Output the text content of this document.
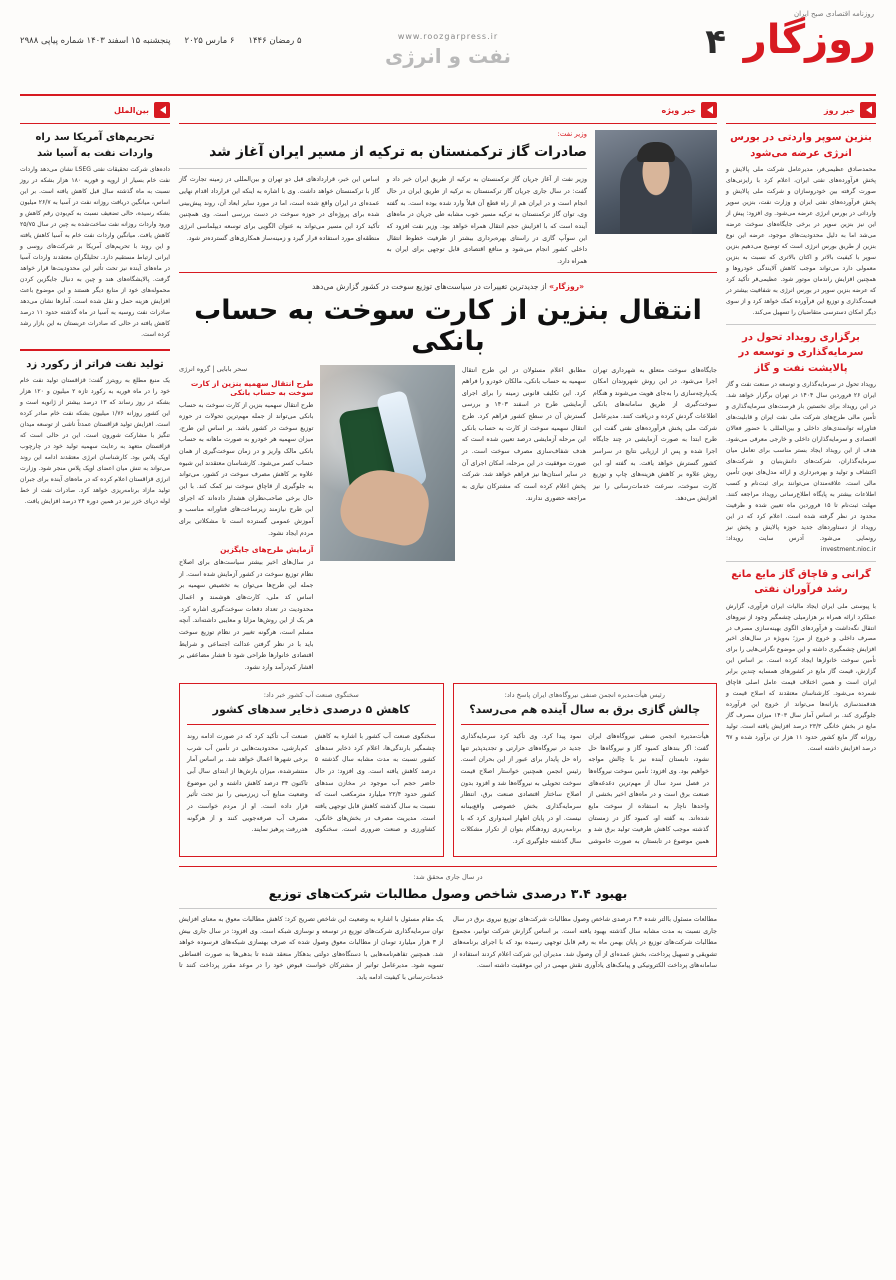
روزنامه اقتصادی صبح ایران
روزگار
۴
www.roozgarpress.ir
نفت و انرژی
۵ رمضان ۱۴۴۶
۶ مارس ۲۰۲۵
پنجشنبه ۱۵ اسفند ۱۴۰۳ شماره پیاپی ۲۹۸۸
خبر روز
بنزین سوپر واردتی در بورس انرژی عرضه می‌شود
محمدصادق عظیمی‌فر، مدیرعامل شرکت ملی پالایش و پخش فرآورده‌های نفتی ایران، اعلام کرد با رایزنی‌های صورت گرفته بین خودروسازان و شرکت ملی پالایش و پخش فرآورده‌های نفتی ایران و وزارت نفت، بنزین سوپر وارداتی در بورس انرژی عرضه می‌شود. وی افزود: پیش از این نیز بنزین سوپر در برخی جایگاه‌های سوخت عرضه می‌شد اما به دلیل محدودیت‌های موجود، عرضه این نوع بنزین از طریق بورس انرژی است که توضیح می‌دهیم بنزین سوپر با کیفیت بالاتر و اکتان بالاتری که نسبت به بنزین معمولی دارد می‌تواند موجب کاهش آلایندگی خودروها و همچنین افزایش راندمان موتور شود. عظیمی‌فر تأکید کرد که عرضه بنزین سوپر در بورس انرژی به شفافیت بیشتر در قیمت‌گذاری و توزیع این فرآورده کمک خواهد کرد و از سوی دیگر امکان دسترسی متقاضیان را تسهیل می‌کند.
برگزاری رویداد تحول در سرمایه‌گذاری و توسعه در پالایشت نفت و گاز
رویداد تحول در سرمایه‌گذاری و توسعه در صنعت نفت و گاز ایران ۲۶ فروردین سال ۱۴۰۴ در تهران برگزار خواهد شد. در این رویداد برای نخستین بار فرصت‌های سرمایه‌گذاری و تأمین مالی طرح‌های شرکت ملی نفت ایران و قابلیت‌های فناورانه توانمندی‌های داخلی و بین‌المللی با حضور فعالان اقتصادی و سرمایه‌گذاران داخلی و خارجی معرفی می‌شود. هدف از این رویداد ایجاد بستر مناسب برای تعامل میان سرمایه‌گذاران، شرکت‌های دانش‌بنیان و شرکت‌های اکتشاف و تولید و بهره‌برداری و ارائه مدل‌های نوین تأمین مالی است. علاقه‌مندان می‌توانند برای ثبت‌نام و کسب اطلاعات بیشتر به پایگاه اطلاع‌رسانی رویداد مراجعه کنند. مهلت ثبت‌نام تا ۱۵ فروردین ماه تعیین شده و ظرفیت محدود در نظر گرفته شده است. اعلام کرد که در این رویداد از دستاوردهای جدید حوزه پالایش و پخش نیز رونمایی می‌شود. آدرس سایت رویداد: investment.nioc.ir
گرانی و قاچاق گاز مایع مانع رشد فرآوران نفتی
با پیوستی ملی ایران ایجاد مالیات ایران فرآوری، گزارش عملکرد ارائه همراه بر هزارمیلی چشمگیر وجود از نیروهای انتقال نگه‌داشت و فرآوردهای الگوی بهینه‌سازی مصرف در مصرف داخلی و خروج از مرز؛ به‌ویژه در سال‌های اخیر افزایش چشمگیری داشته و این موضوع نگرانی‌هایی را برای تأمین سوخت خانوارها ایجاد کرده است. بر اساس این گزارش، قیمت گاز مایع در کشورهای همسایه چندین برابر ایران است و همین اختلاف قیمت عامل اصلی قاچاق شمرده می‌شود. کارشناسان معتقدند که اصلاح قیمت و هدفمندسازی یارانه‌ها می‌تواند از خروج این فرآورده جلوگیری کند. بر اساس آمار سال ۱۴۰۳ میزان مصرف گاز مایع در بخش خانگی ۲۳/۳ درصد افزایش یافته است. تولید روزانه گاز مایع کشور حدود ۱۱ هزار تن برآورد شده و ۹۷ درصد افزایش داشته است.
خبر ویژه
وزیر نفت:
صادرات گاز ترکمنستان به ترکیه از مسیر ایران آغاز شد
وزیر نفت از آغاز جریان گاز ترکمنستان به ترکیه از طریق ایران خبر داد و گفت: در سال جاری جریان گاز ترکمنستان به ترکیه از طریق ایران در حال انجام است و در ایران هم از راه قطع آن قبلاً وارد شده بوده است. به گفته وی، توان گاز ترکمنستان به ترکیه مسیر خوب مشابه طی جریان در ماه‌های آینده است که با افزایش حجم انتقال همراه خواهد بود. وزیر نفت افزود که این سوآپ گازی در راستای بهره‌برداری بیشتر از ظرفیت خطوط انتقال داخلی کشور انجام می‌شود و منافع اقتصادی قابل توجهی برای ایران به همراه دارد.
اساس این خبر، قراردادهای قبل دو تهران و بین‌المللی در زمینه تجارت گاز گاز با ترکمنستان خواهد داشت. وی با اشاره به اینکه این قرارداد اقدام نهایی عمده‌ای در ایران واقع شده است، اما در مورد سایر ابعاد آن، روند پیش‌بینی شده برای پروژه‌ای در حوزه سوخت در دست بررسی است. وی همچنین تأکید کرد این مسیر می‌تواند به عنوان الگویی برای توسعه دیپلماسی انرژی منطقه‌ای مورد استفاده قرار گیرد و زمینه‌ساز همکاری‌های گسترده‌تر شود.
«روزگار» از جدیدترین تغییرات در سیاست‌های توزیع سوخت در کشور گزارش می‌دهد
انتقال بنزین از کارت سوخت به حساب بانکی
جایگاه‌های سوخت متعلق به شهرداری تهران اجرا می‌شود. در این روش شهروندان امکان یک‌پارچه‌سازی را به‌جای هویت می‌شوند و هنگام سوخت‌گیری از طریق سامانه‌های بانکی اطلاعات گردش کرده و دریافت کنند. مدیرعامل شرکت ملی پخش فرآورده‌های نفتی گفت این طرح ابتدا به صورت آزمایشی در چند جایگاه اجرا شده و پس از ارزیابی نتایج در سراسر کشور گسترش خواهد یافت. به گفته او، این روش علاوه بر کاهش هزینه‌های چاپ و توزیع کارت سوخت، سرعت خدمات‌رسانی را نیز افزایش می‌دهد.
مطابق اعلام مسئولان در این طرح انتقال سهمیه به حساب بانکی، مالکان خودرو را فراهم کرد. این تکلیف قانونی زمینه را برای اجرای آزمایشی طرح در اسفند ۱۴۰۳ و بررسی گسترش آن در سطح کشور فراهم کرد. طرح انتقال سهمیه سوخت از کارت به حساب بانکی این مرحله آزمایشی درصد تعیین شده است که هدف شفاف‌سازی مصرف سوخت است. در صورت موفقیت در این مرحله، امکان اجرای آن در سایر استان‌ها نیز فراهم خواهد شد. شرکت پخش اعلام کرده است که مشترکان نیازی به مراجعه حضوری ندارند.
سحر بابایی | گروه انرژی
طرح انتقال سهمیه بنزین از کارت سوخت به حساب بانکی
طرح انتقال سهمیه بنزین از کارت سوخت به حساب بانکی می‌تواند از جمله مهم‌ترین تحولات در حوزه توزیع سوخت در کشور باشد. بر اساس این طرح، میزان سهمیه هر خودرو به صورت ماهانه به حساب بانکی مالک واریز و در زمان سوخت‌گیری از همان حساب کسر می‌شود. کارشناسان معتقدند این شیوه علاوه بر کاهش مصرف سوخت در کشور، می‌تواند به جلوگیری از قاچاق سوخت نیز کمک کند. با این حال برخی صاحب‌نظران هشدار داده‌اند که اجرای این طرح نیازمند زیرساخت‌های فناورانه مناسب و آموزش عمومی گسترده است تا مشکلاتی برای مردم ایجاد نشود.
آزمایش طرح‌های جایگزین
در سال‌های اخیر بیشتر سیاست‌های برای اصلاح نظام توزیع سوخت در کشور آزمایش شده است. از جمله این طرح‌ها می‌توان به تخصیص سهمیه بر اساس کد ملی، کارت‌های هوشمند و اعمال محدودیت در تعداد دفعات سوخت‌گیری اشاره کرد. هر یک از این روش‌ها مزایا و معایبی داشته‌اند. آنچه مسلم است، هرگونه تغییر در نظام توزیع سوخت باید با در نظر گرفتن عدالت اجتماعی و شرایط اقتصادی خانوارها طراحی شود تا فشار مضاعفی بر اقشار کم‌درآمد وارد نشود.
رئیس هیأت‌مدیره انجمن صنفی نیروگاه‌های ایران پاسخ داد:
چالش گازی برق به سال آینده هم می‌رسد؟
هیأت‌مدیره انجمن صنفی نیروگاه‌های ایران گفت: اگر بندهای کمبود گاز و نیروگاه‌ها حل نشود، تابستان آینده نیز با چالش مواجه خواهیم بود. وی افزود: تأمین سوخت نیروگاه‌ها در فصل سرد سال از مهم‌ترین دغدغه‌های صنعت برق است و در ماه‌های اخیر بخشی از واحدها ناچار به استفاده از سوخت مایع شده‌اند. به گفته او، کمبود گاز در زمستان گذشته موجب کاهش ظرفیت تولید برق شد و همین موضوع در تابستان به صورت خاموشی نمود پیدا کرد. وی تأکید کرد سرمایه‌گذاری جدید در نیروگاه‌های حرارتی و تجدیدپذیر تنها راه حل پایدار برای عبور از این بحران است. رئیس انجمن همچنین خواستار اصلاح قیمت سوخت تحویلی به نیروگاه‌ها شد و افزود بدون اصلاح ساختار اقتصادی صنعت برق، انتظار سرمایه‌گذاری بخش خصوصی واقع‌بینانه نیست. او در پایان اظهار امیدواری کرد که با برنامه‌ریزی زودهنگام بتوان از تکرار مشکلات سال گذشته جلوگیری کرد.
سخنگوی صنعت آب کشور خبر داد:
کاهش ۵ درصدی ذخایر سدهای کشور
سخنگوی صنعت آب کشور با اشاره به کاهش چشمگیر بارندگی‌ها، اعلام کرد ذخایر سدهای کشور نسبت به مدت مشابه سال گذشته ۵ درصد کاهش یافته است. وی افزود: در حال حاضر حجم آب موجود در مخازن سدهای کشور حدود ۲۲/۴ میلیارد مترمکعب است که نسبت به سال گذشته کاهش قابل توجهی یافته است. مدیریت مصرف در بخش‌های خانگی، کشاورزی و صنعت ضروری است. سخنگوی صنعت آب تأکید کرد که در صورت ادامه روند کم‌بارشی، محدودیت‌هایی در تأمین آب شرب برخی شهرها اعمال خواهد شد. بر اساس آمار منتشرشده، میزان بارش‌ها از ابتدای سال آبی تاکنون ۳۴ درصد کاهش داشته و این موضوع وضعیت منابع آب زیرزمینی را نیز تحت تأثیر قرار داده است. او از مردم خواست در مصرف آب صرفه‌جویی کنند و از هرگونه هدررفت پرهیز نمایند.
در سال جاری محقق شد:
بهبود ۳.۴ درصدی شاخص وصول مطالبات شرکت‌های توزیع
مطالعات مسئول باالتر شده ۳.۴ درصدی شاخص وصول مطالبات شرکت‌های توزیع نیروی برق در سال جاری نسبت به مدت مشابه سال گذشته بهبود یافته است. بر اساس گزارش شرکت توانیر، مجموع مطالبات شرکت‌های توزیع در پایان بهمن ماه به رقم قابل توجهی رسیده بود که با اجرای برنامه‌های تشویقی و تسهیل پرداخت، بخش عمده‌ای از آن وصول شد. مدیران این شرکت اعلام کردند استفاده از سامانه‌های پرداخت الکترونیکی و پیامک‌های یادآوری نقش مهمی در این موفقیت داشته است.
یک مقام مسئول با اشاره به وضعیت این شاخص تصریح کرد: کاهش مطالبات معوق به معنای افزایش توان سرمایه‌گذاری شرکت‌های توزیع در توسعه و نوسازی شبکه است. وی افزود: در سال جاری بیش از ۳ هزار میلیارد تومان از مطالبات معوق وصول شده که صرف بهسازی شبکه‌های فرسوده خواهد شد. همچنین تفاهم‌نامه‌هایی با دستگاه‌های دولتی بدهکار منعقد شده تا بدهی‌ها به صورت اقساطی تسویه شود. مدیرعامل توانیر از مشترکان خواست قبوض خود را در موعد مقرر پرداخت کنند تا خدمات‌رسانی با کیفیت ادامه یابد.
بین‌الملل
تحریم‌های آمریکا سد راه واردات نفت به آسیا شد
داده‌های شرکت تحقیقات نفتی LSEG نشان می‌دهد واردات نفت خام بسیار از اروپه و فوریه ۱۸۰ هزار بشکه در روز نسبت به ماه گذشته سال قبل کاهش یافته است. بر این اساس، میانگین دریافت روزانه نفت در آسیا به ۲۶/۷ میلیون بشکه رسیده، حالی تضعیف نسبت به کم‌بودن رقم کاهش و ورود واردات روزانه نفت ساخت‌شده به چین در سال ۲۵/۷۵ کاهش یافت. میانگین واردات نفت خام به آسیا کاهش یافته و این روند با تحریم‌های آمریکا بر شرکت‌های روسی و ایرانی ارتباط مستقیم دارد. تحلیلگران معتقدند واردات آسیا در ماه‌های آینده نیز تحت تأثیر این محدودیت‌ها قرار خواهد گرفت. پالایشگاه‌های هند و چین به دنبال جایگزین کردن محموله‌های خود از منابع دیگر هستند و این موضوع باعث افزایش هزینه حمل و نقل شده است. آمارها نشان می‌دهد صادرات نفت روسیه به آسیا در ماه گذشته حدود ۱۱ درصد کاهش یافته در حالی که صادرات عربستان به این بازار رشد کرده است.
تولید نفت فراتر از رکورد زد
یک منبع مطلع به رویترز گفت: قزاقستان تولید نفت خام خود را در ماه فوریه به رکورد تازه ۲ میلیون و ۱۲۰ هزار بشکه در روز رساند که ۱۳ درصد بیشتر از ژانویه است و این کشور روزانه ۱/۷۶ میلیون بشکه نفت خام صادر کرده است. افزایش تولید قزاقستان عمدتاً ناشی از توسعه میدان تنگیز با مشارکت شورون است. این در حالی است که قزاقستان متعهد به رعایت سهمیه تولید خود در چارچوب اوپک پلاس بود. کارشناسان انرژی معتقدند ادامه این روند می‌تواند به تنش میان اعضای اوپک پلاس منجر شود. وزارت انرژی قزاقستان اعلام کرده که در ماه‌های آینده برای جبران تولید مازاد برنامه‌ریزی خواهد کرد. صادرات نفت از خط لوله دریای خزر نیز در همین دوره ۲۴ درصد افزایش یافت.
